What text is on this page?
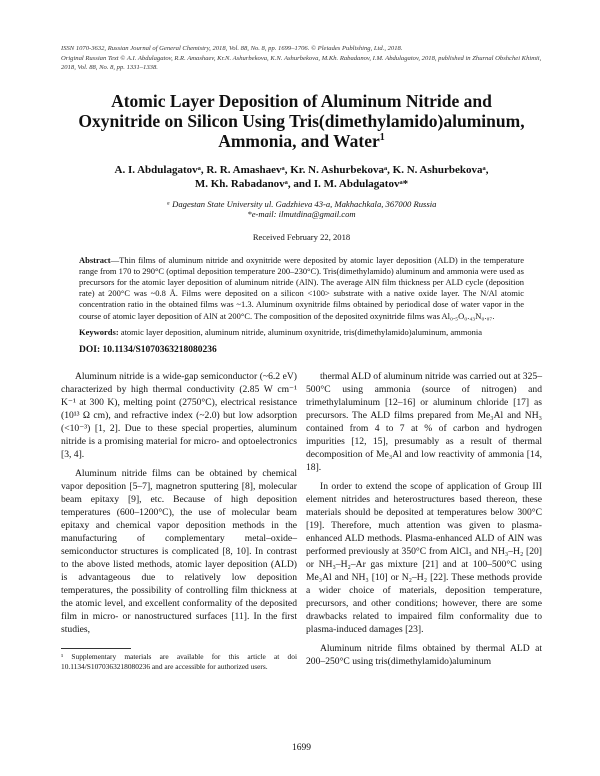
ISSN 1070-3632, Russian Journal of General Chemistry, 2018, Vol. 88, No. 8, pp. 1699–1706. © Pleiades Publishing, Ltd., 2018.
Original Russian Text © A.I. Abdulagatov, R.R. Amashaev, Kr.N. Ashurbekova, K.N. Ashurbekova, M.Kh. Rabadanov, I.M. Abdulagatov, 2018, published in Zhurnal Obshchei Khimii, 2018, Vol. 88, No. 8, pp. 1331–1338.
Atomic Layer Deposition of Aluminum Nitride and Oxynitride on Silicon Using Tris(dimethylamido)aluminum, Ammonia, and Water$^1$
A. I. Abdulagatovᵃ, R. R. Amashaevᵃ, Kr. N. Ashurbekovaᵃ, K. N. Ashurbekovaᵃ,
M. Kh. Rabadanovᵃ, and I. M. Abdulagatovᵃ*
ᵃ Dagestan State University ul. Gadzhieva 43-a, Makhachkala, 367000 Russia
*e-mail: ilmutdina@gmail.com
Received February 22, 2018
Abstract—Thin films of aluminum nitride and oxynitride were deposited by atomic layer deposition (ALD) in the temperature range from 170 to 290°C (optimal deposition temperature 200–230°C). Tris(dimethylamido) aluminum and ammonia were used as precursors for the atomic layer deposition of aluminum nitride (AlN). The average AlN film thickness per ALD cycle (deposition rate) at 200°C was ~0.8 Å. Films were deposited on a silicon <100> substrate with a native oxide layer. The N/Al atomic concentration ratio in the obtained films was ~1.3. Aluminum oxynitride films obtained by periodical dose of water vapor in the course of atomic layer deposition of AlN at 200°C. The composition of the deposited oxynitride films was Al₀.₅O₀.₄₃N₀.₀₇.
Keywords: atomic layer deposition, aluminum nitride, aluminum oxynitride, tris(dimethylamido)aluminum, ammonia
DOI: 10.1134/S1070363218080236

Aluminum nitride is a wide-gap semiconductor (~6.2 eV) characterized by high thermal conductivity (2.85 W cm⁻¹ K⁻¹ at 300 K), melting point (2750°C), electrical resistance (10¹³ Ω cm), and refractive index (~2.0) but low adsorption (<10⁻³) [1, 2]. Due to these special properties, aluminum nitride is a promising material for micro- and optoelectronics [3, 4].

Aluminum nitride films can be obtained by chemical vapor deposition [5–7], magnetron sputtering [8], molecular beam epitaxy [9], etc. Because of high deposition temperatures (600–1200°C), the use of molecular beam epitaxy and chemical vapor deposition methods in the manufacturing of complementary metal–oxide–semiconductor structures is complicated [8, 10]. In contrast to the above listed methods, atomic layer deposition (ALD) is advantageous due to relatively low deposition temperatures, the possibility of controlling film thickness at the atomic level, and excellent conformality of the deposited film in micro- or nanostructured surfaces [11]. In the first studies,

¹ Supplementary materials are available for this article at doi 10.1134/S1070363218080236 and are accessible for authorized users.

thermal ALD of aluminum nitride was carried out at 325–500°C using ammonia (source of nitrogen) and trimethylaluminum [12–16] or aluminum chloride [17] as precursors. The ALD films prepared from Me₃Al and NH₃ contained from 4 to 7 at % of carbon and hydrogen impurities [12, 15], presumably as a result of thermal decomposition of Me₃Al and low reactivity of ammonia [14, 18].

In order to extend the scope of application of Group III element nitrides and heterostructures based thereon, these materials should be deposited at temperatures below 300°C [19]. Therefore, much attention was given to plasma-enhanced ALD methods. Plasma-enhanced ALD of AlN was performed previously at 350°C from AlCl₃ and NH₃–H₂ [20] or NH₃–H₂–Ar gas mixture [21] and at 100–500°C using Me₃Al and NH₃ [10] or N₂–H₂ [22]. These methods provide a wider choice of materials, deposition temperature, precursors, and other conditions; however, there are some drawbacks related to impaired film conformality due to plasma-induced damages [23].

Aluminum nitride films obtained by thermal ALD at 200–250°C using tris(dimethylamido)aluminum

1699
